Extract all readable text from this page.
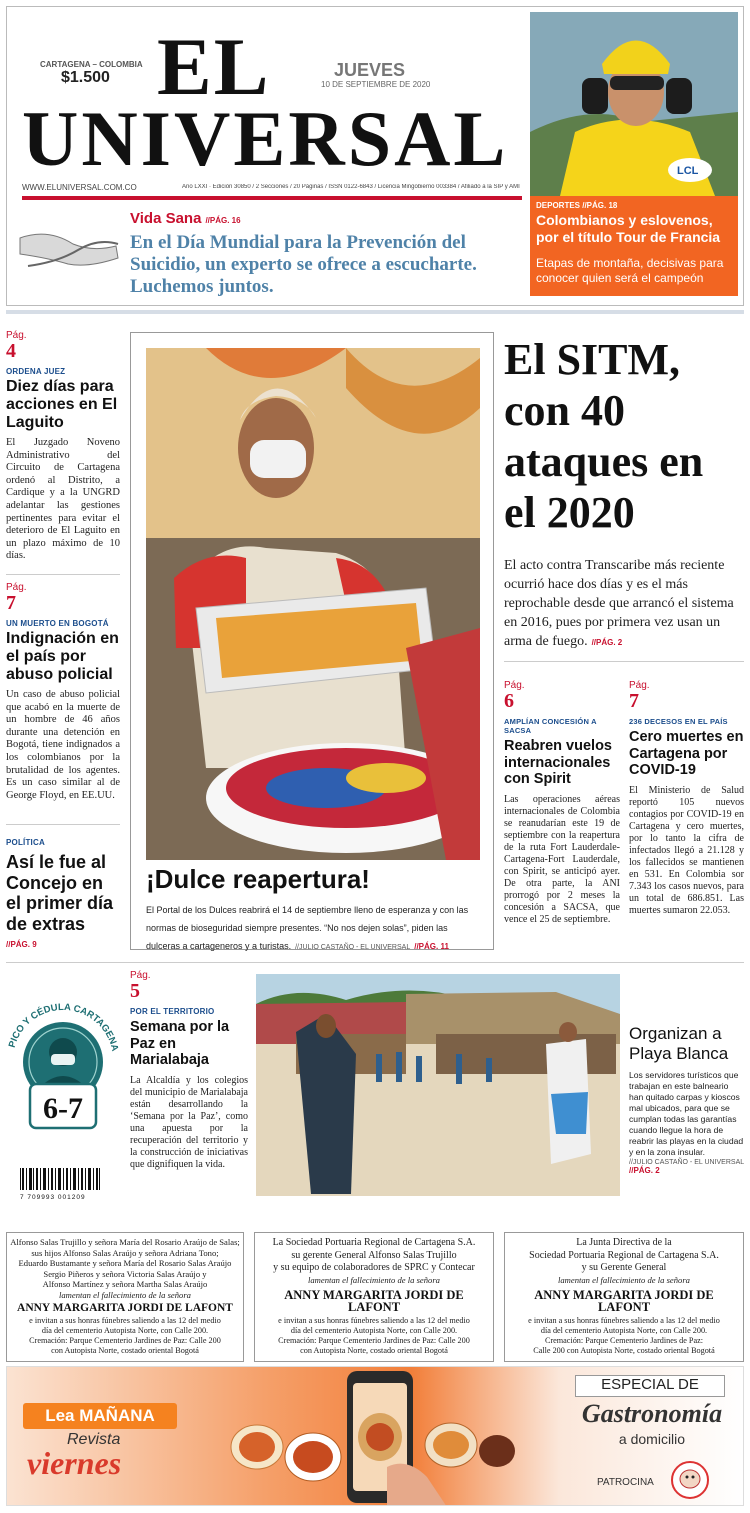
CARTAGENA – COLOMBIA
$1.500 EL
UNIVERSAL
JUEVES
10 DE SEPTIEMBRE DE 2020
WWW.ELUNIVERSAL.COM.CO	Año LXXI · Edición 30850 / 2 Secciones / 20 Páginas / ISSN 0122-6843 / Licencia Mingobierno 003384 / Afiliado a la SIP y AMI
LCL
Vida Sana //PÁG. 16
En el Día Mundial para la Prevención del Suicidio, un experto se ofrece a escucharte. Luchemos juntos.
DEPORTES //PÁG. 18
Colombianos y eslovenos, por el título Tour de Francia
Etapas de montaña, decisivas para conocer quien será el campeón
Pág.
4
ORDENA JUEZ
Diez días para acciones en El Laguito
El Juzgado Noveno Administrativo del Circuito de Cartagena ordenó al Distrito, a Cardique y a la UNGRD adelantar las gestiones pertinentes para evitar el deterioro de El Laguito en un plazo máximo de 10 días.
Pág.
7
UN MUERTO EN BOGOTÁ
Indignación en el país por abuso policial
Un caso de abuso policial que acabó en la muerte de un hombre de 46 años durante una detención en Bogotá, tiene indignados a los colombianos por la brutalidad de los agentes. Es un caso similar al de George Floyd, en EE.UU.
POLÍTICA
Así le fue al Concejo en el primer día de extras
//PÁG. 9
¡Dulce reapertura!
El Portal de los Dulces reabrirá el 14 de septiembre lleno de esperanza y con las normas de bioseguridad siempre presentes. “No nos dejen solas”, piden las dulceras a cartageneros y a turistas. //JULIO CASTAÑO - EL UNIVERSAL //PÁG. 11
El SITM, con 40 ataques en el 2020
El acto contra Transcaribe más reciente ocurrió hace dos días y es el más reprochable desde que arrancó el sistema en 2016, pues por primera vez usan un arma de fuego. //PÁG. 2
Pág.
6
AMPLÍAN CONCESIÓN A SACSA
Reabren vuelos internacionales con Spirit
Las operaciones aéreas internacionales de Colombia se reanudarían este 19 de septiembre con la reapertura de la ruta Fort Lauderdale-Cartagena-Fort Lauderdale, con Spirit, se anticipó ayer. De otra parte, la ANI prorrogó por 2 meses la concesión a SACSA, que vence el 25 de septiembre.
Pág.
7
236 DECESOS EN EL PAÍS
Cero muertes en Cartagena por COVID-19
El Ministerio de Salud reportó 105 nuevos contagios por COVID-19 en Cartagena y cero muertes, por lo tanto la cifra de infectados llegó a 21.128 y los fallecidos se mantienen en 531. En Colombia sor 7.343 los casos nuevos, para un total de 686.851. Las muertes sumaron 22.053.
PICO Y CÉDULA CARTAGENA
6-7
7 709993 001209
Pág.
5
POR EL TERRITORIO
Semana por la Paz en Marialabaja
La Alcaldía y los colegios del municipio de Marialabaja están desarrollando la ‘Semana por la Paz’, como una apuesta por la recuperación del territorio y la construcción de iniciativas que dignifiquen la vida.
Organizan a Playa Blanca
Los servidores turísticos que trabajan en este balneario han quitado carpas y kioscos mal ubicados, para que se cumplan todas las garantías cuando llegue la hora de reabrir las playas en la ciudad y en la zona insular.
//JULIO CASTAÑO - EL UNIVERSAL //PÁG. 2
Alfonso Salas Trujillo y señora María del Rosario Araújo de Salas;
sus hijos Alfonso Salas Araújo y señora Adriana Tono;
Eduardo Bustamante y señora María del Rosario Salas Araújo
Sergio Piñeros y señora Victoria Salas Araújo y
Alfonso Martínez y señora Martha Salas Araújo
lamentan el fallecimiento de la señora
ANNY MARGARITA JORDI DE LAFONT
e invitan a sus honras fúnebres saliendo a las 12 del medio
día del cementerio Autopista Norte, con Calle 200.
Cremación: Parque Cementerio Jardines de Paz: Calle 200
con Autopista Norte, costado oriental Bogotá
La Sociedad Portuaria Regional de Cartagena S.A.
su gerente General Alfonso Salas Trujillo
y su equipo de colaboradores de SPRC y Contecar
lamentan el fallecimiento de la señora
ANNY MARGARITA JORDI DE LAFONT
e invitan a sus honras fúnebres saliendo a las 12 del medio
día del cementerio Autopista Norte, con Calle 200.
Cremación: Parque Cementerio Jardines de Paz: Calle 200
con Autopista Norte, costado oriental Bogotá
La Junta Directiva de la
Sociedad Portuaria Regional de Cartagena S.A.
y su Gerente General
lamentan el fallecimiento de la señora
ANNY MARGARITA JORDI DE LAFONT
e invitan a sus honras fúnebres saliendo a las 12 del medio
día del cementerio Autopista Norte, con Calle 200.
Cremación: Parque Cementerio Jardines de Paz:
Calle 200 con Autopista Norte, costado oriental Bogotá
Lea MAÑANA
Revista
viernes
ESPECIAL DE
Gastronomía
a domicilio
PATROCINA
